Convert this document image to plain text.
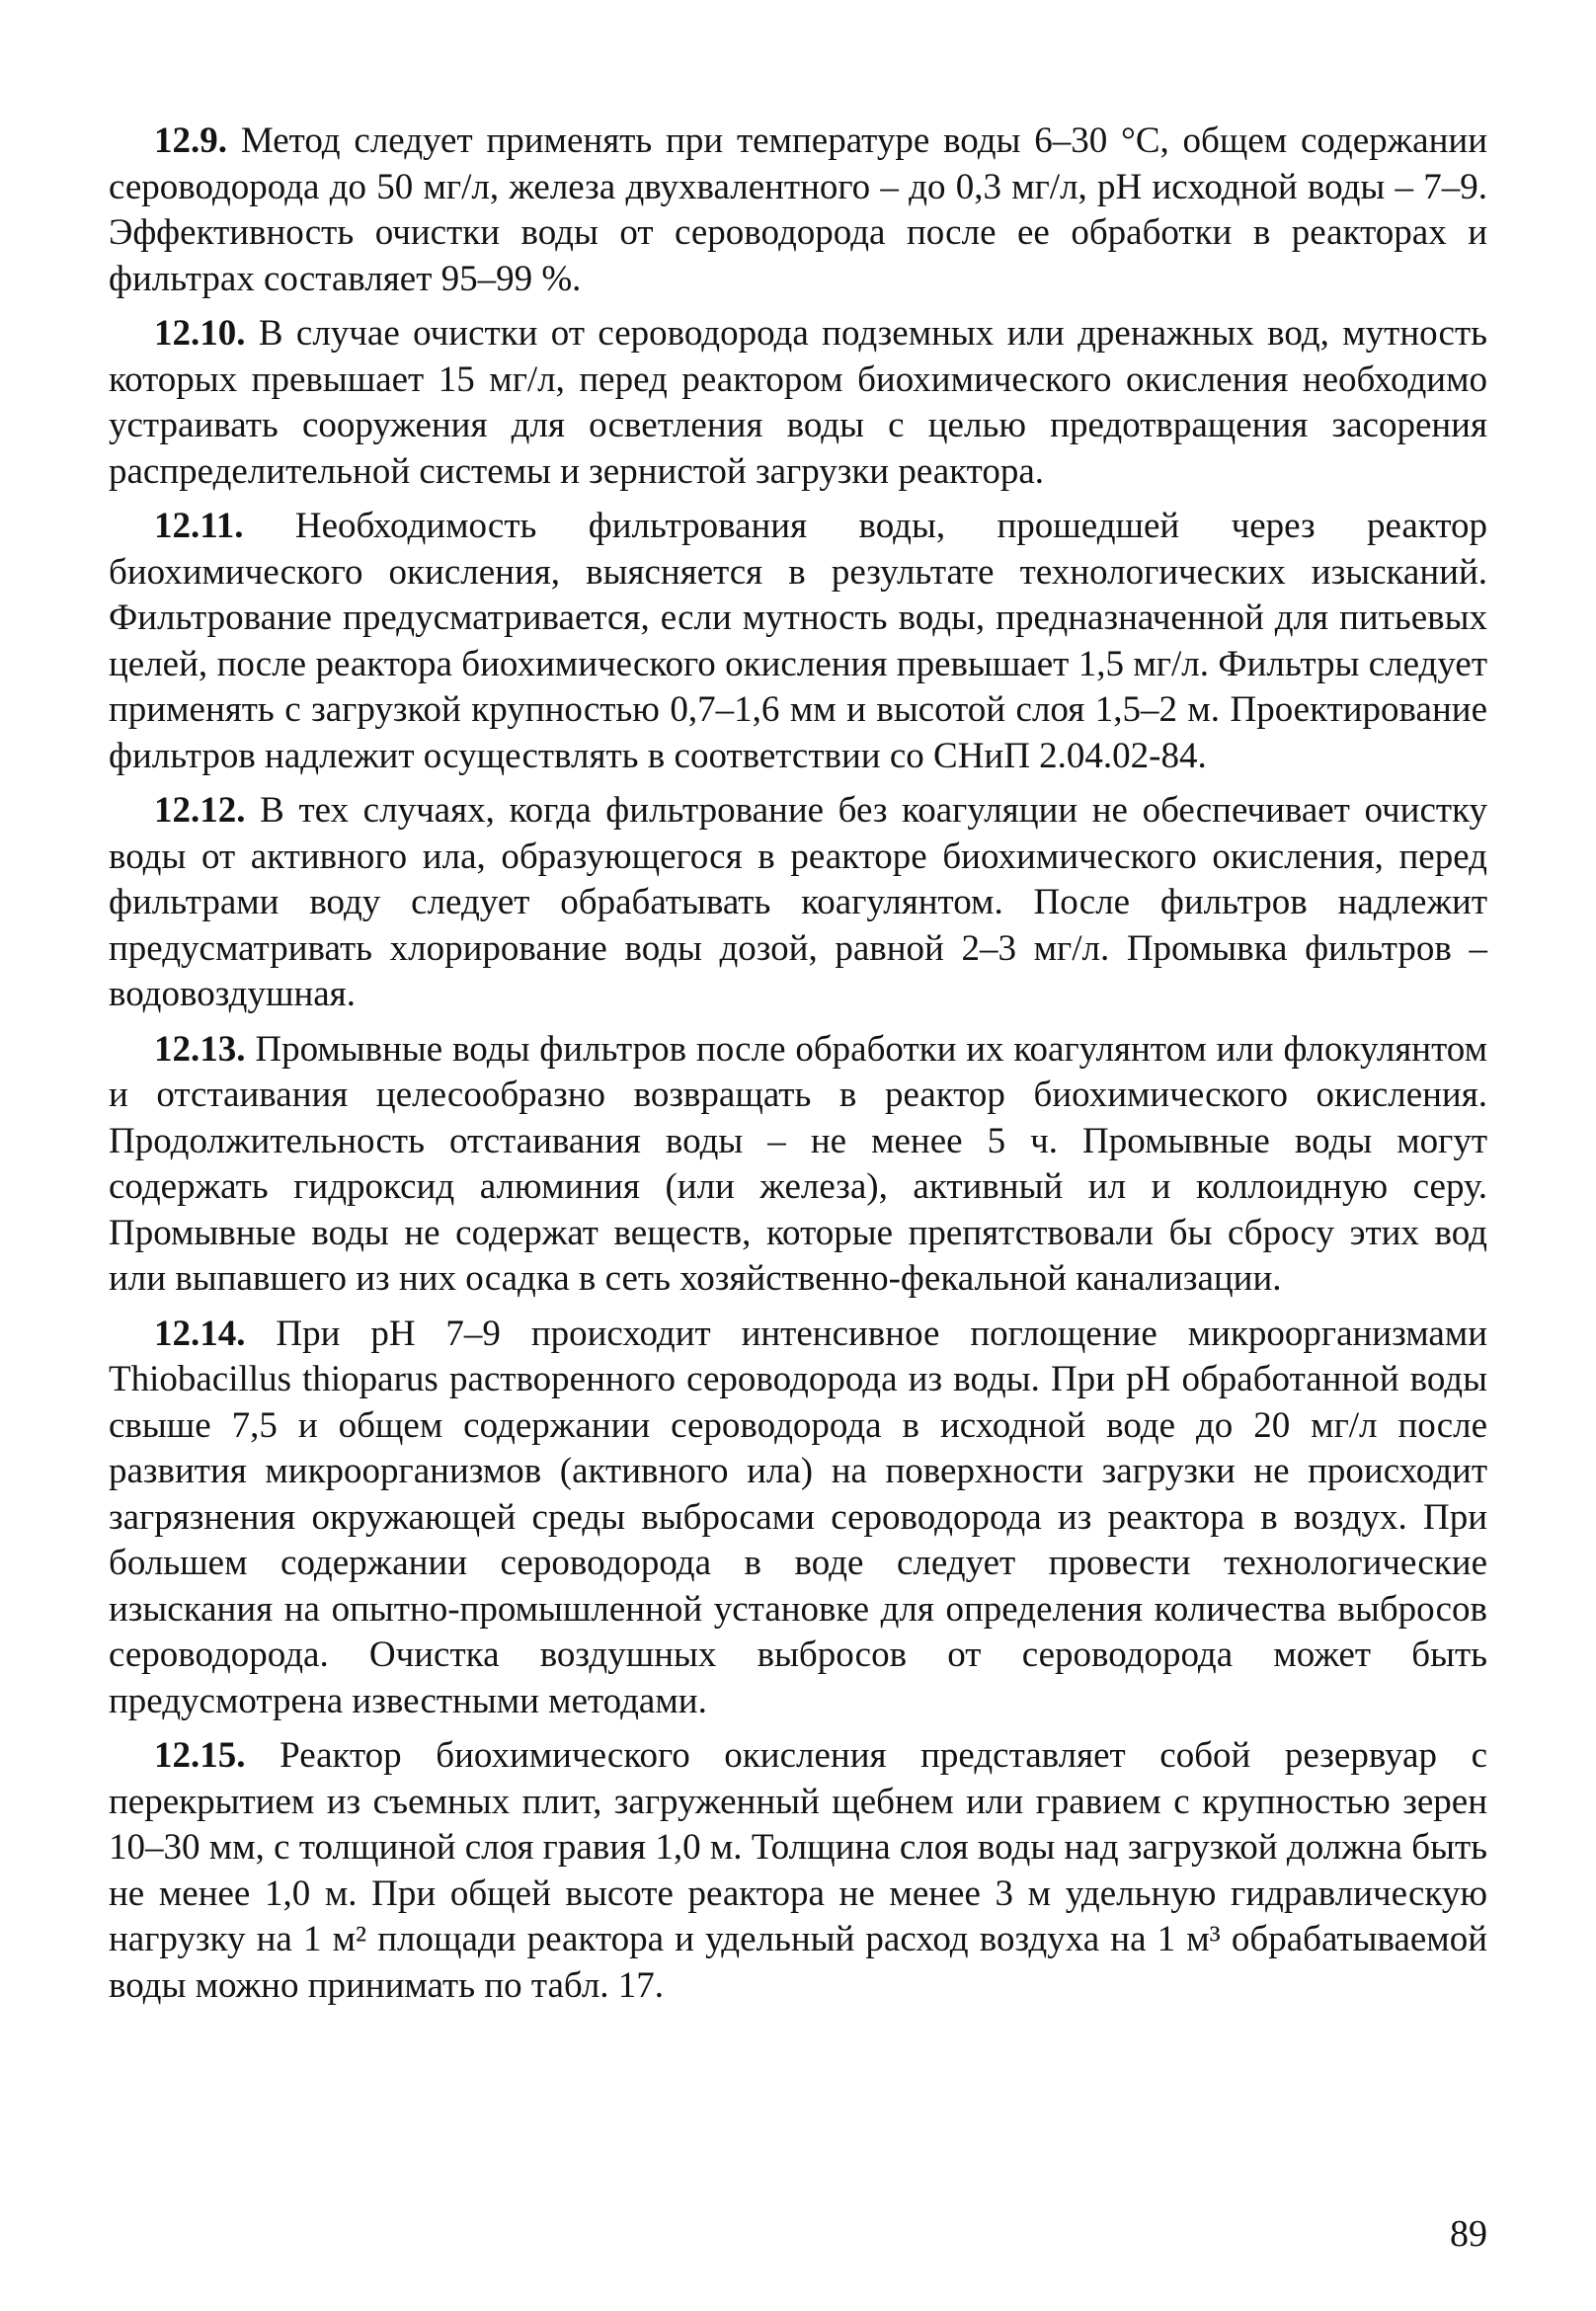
12.9. Метод следует применять при температуре воды 6–30 °С, общем содержании сероводорода до 50 мг/л, железа двухвалентного – до 0,3 мг/л, рН исходной воды – 7–9. Эффективность очистки воды от сероводорода после ее обработки в реакторах и фильтрах составляет 95–99 %.

12.10. В случае очистки от сероводорода подземных или дренажных вод, мутность которых превышает 15 мг/л, перед реактором биохимического окисления необходимо устраивать сооружения для осветления воды с целью предотвращения засорения распределительной системы и зернистой загрузки реактора.

12.11. Необходимость фильтрования воды, прошедшей через реактор биохимического окисления, выясняется в результате технологических изысканий. Фильтрование предусматривается, если мутность воды, предназначенной для питьевых целей, после реактора биохимического окисления превышает 1,5 мг/л. Фильтры следует применять с загрузкой крупностью 0,7–1,6 мм и высотой слоя 1,5–2 м. Проектирование фильтров надлежит осуществлять в соответствии со СНиП 2.04.02-84.

12.12. В тех случаях, когда фильтрование без коагуляции не обеспечивает очистку воды от активного ила, образующегося в реакторе биохимического окисления, перед фильтрами воду следует обрабатывать коагулянтом. После фильтров надлежит предусматривать хлорирование воды дозой, равной 2–3 мг/л. Промывка фильтров – водовоздушная.

12.13. Промывные воды фильтров после обработки их коагулянтом или флокулянтом и отстаивания целесообразно возвращать в реактор биохимического окисления. Продолжительность отстаивания воды – не менее 5 ч. Промывные воды могут содержать гидроксид алюминия (или железа), активный ил и коллоидную серу. Промывные воды не содержат веществ, которые препятствовали бы сбросу этих вод или выпавшего из них осадка в сеть хозяйственно-фекальной канализации.

12.14. При рН 7–9 происходит интенсивное поглощение микроорганизмами Thiobacillus thioparus растворенного сероводорода из воды. При рН обработанной воды свыше 7,5 и общем содержании сероводорода в исходной воде до 20 мг/л после развития микроорганизмов (активного ила) на поверхности загрузки не происходит загрязнения окружающей среды выбросами сероводорода из реактора в воздух. При большем содержании сероводорода в воде следует провести технологические изыскания на опытно-промышленной установке для определения количества выбросов сероводорода. Очистка воздушных выбросов от сероводорода может быть предусмотрена известными методами.

12.15. Реактор биохимического окисления представляет собой резервуар с перекрытием из съемных плит, загруженный щебнем или гравием с крупностью зерен 10–30 мм, с толщиной слоя гравия 1,0 м. Толщина слоя воды над загрузкой должна быть не менее 1,0 м. При общей высоте реактора не менее 3 м удельную гидравлическую нагрузку на 1 м² площади реактора и удельный расход воздуха на 1 м³ обрабатываемой воды можно принимать по табл. 17.

89
